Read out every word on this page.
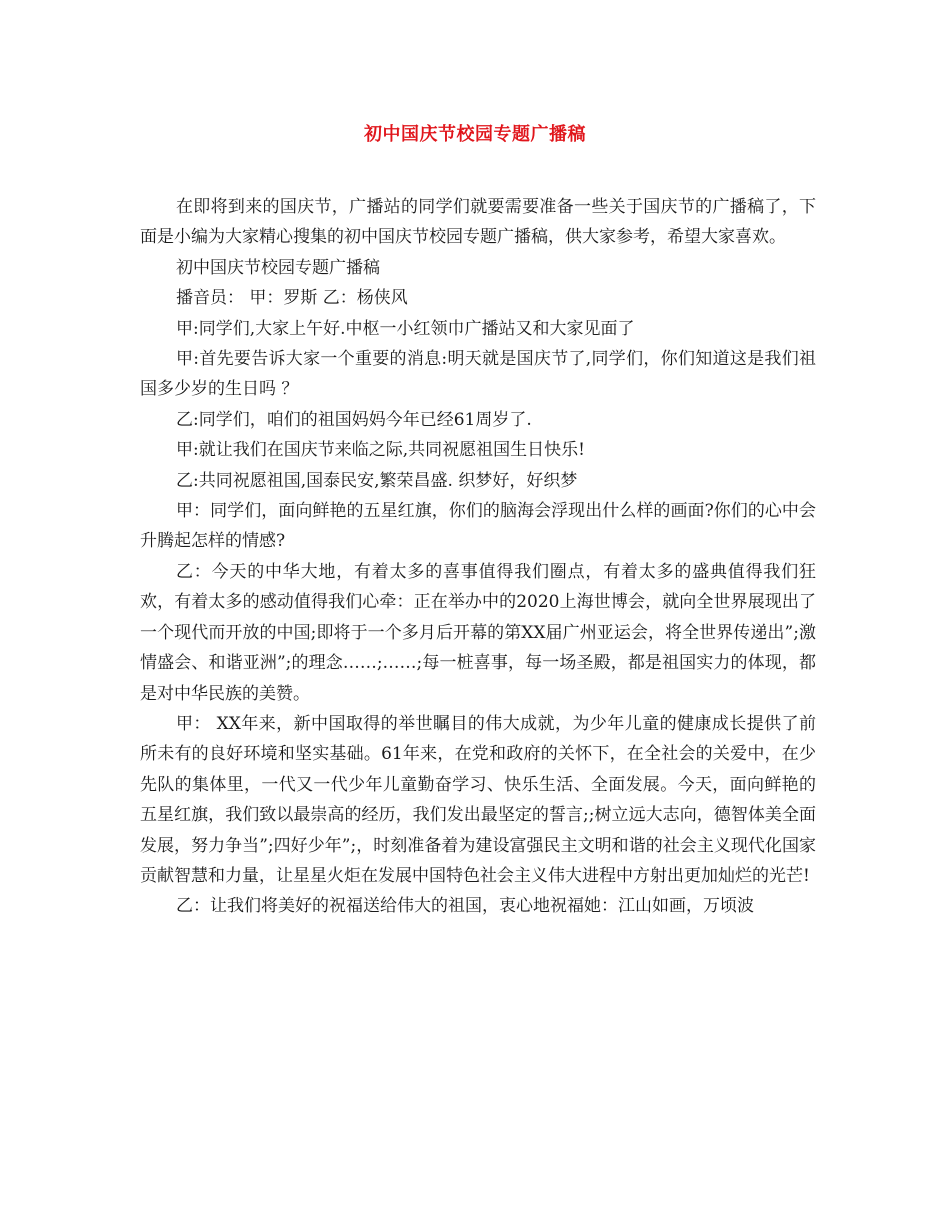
初中国庆节校园专题广播稿

在即将到来的国庆节，广播站的同学们就要需要准备一些关于国庆节的广播稿了，下面是小编为大家精心搜集的初中国庆节校园专题广播稿，供大家参考，希望大家喜欢。

初中国庆节校园专题广播稿

播音员： 甲：罗斯 乙：杨侠风

甲:同学们,大家上午好.中枢一小红领巾广播站又和大家见面了

甲:首先要告诉大家一个重要的消息:明天就是国庆节了,同学们，你们知道这是我们祖国多少岁的生日吗 ？

乙:同学们，咱们的祖国妈妈今年已经61周岁了.

甲:就让我们在国庆节来临之际,共同祝愿祖国生日快乐!

乙:共同祝愿祖国,国泰民安,繁荣昌盛. 织梦好，好织梦

甲：同学们，面向鲜艳的五星红旗，你们的脑海会浮现出什么样的画面?你们的心中会升腾起怎样的情感?

乙：今天的中华大地，有着太多的喜事值得我们圈点，有着太多的盛典值得我们狂欢，有着太多的感动值得我们心牵：正在举办中的2020上海世博会，就向全世界展现出了一个现代而开放的中国;即将于一个多月后开幕的第XX届广州亚运会，将全世界传递出”;激情盛会、和谐亚洲”;的理念……;……;每一桩喜事，每一场圣殿，都是祖国实力的体现，都是对中华民族的美赞。

甲： XX年来，新中国取得的举世瞩目的伟大成就，为少年儿童的健康成长提供了前所未有的良好环境和坚实基础。61年来，在党和政府的关怀下，在全社会的关爱中，在少先队的集体里，一代又一代少年儿童勤奋学习、快乐生活、全面发展。今天，面向鲜艳的五星红旗，我们致以最崇高的经历，我们发出最坚定的誓言;;树立远大志向，德智体美全面发展，努力争当”;四好少年”;，时刻准备着为建设富强民主文明和谐的社会主义现代化国家贡献智慧和力量，让星星火炬在发展中国特色社会主义伟大进程中方射出更加灿烂的光芒!

乙：让我们将美好的祝福送给伟大的祖国，衷心地祝福她：江山如画，万顷波
